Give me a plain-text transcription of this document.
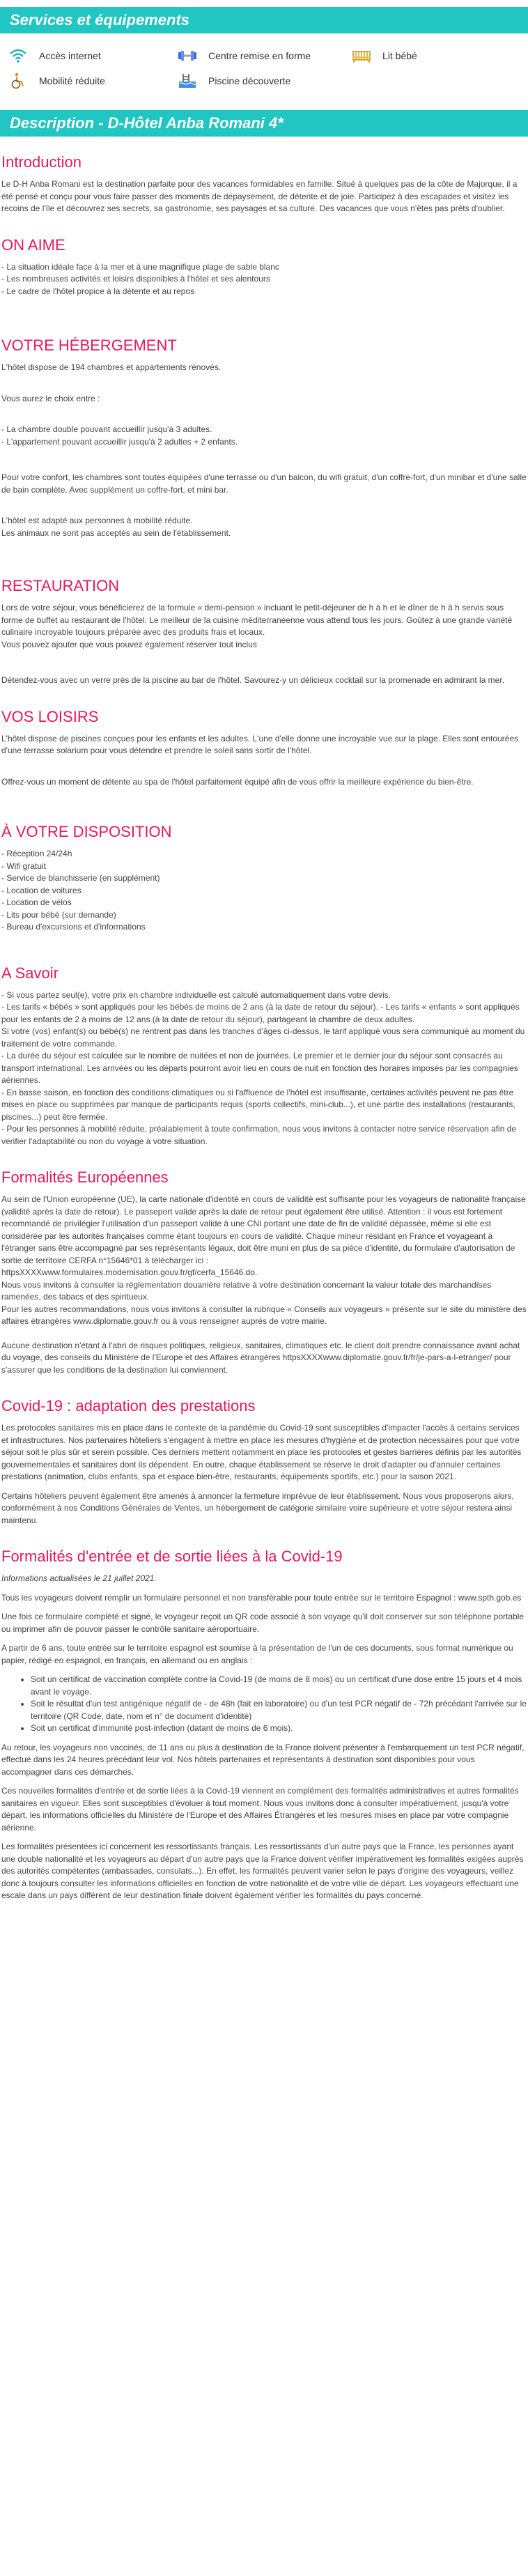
Services et équipements
Accès internet	Centre remise en forme	Lit bébé
Mobilité réduite	Piscine découverte
Description - D-Hôtel Anba Romani 4*
Introduction

Le D-H Anba Romani est la destination parfaite pour des vacances formidables en famille. Situé à quelques pas de la côte de Majorque, il a été pensé et conçu pour vous faire passer des moments de dépaysement, de détente et de joie. Participez à des escapades et visitez les recoins de l'île et découvrez ses secrets, sa gastronomie, ses paysages et sa culture. Des vacances que vous n'êtes pas prêts d'oublier.

ON AIME

- La situation idéale face à la mer et à une magnifique plage de sable blanc

- Les nombreuses activités et loisirs disponibles à l'hôtel et ses alentours

- Le cadre de l'hôtel propice à la détente et au repos

VOTRE HÉBERGEMENT

L'hôtel dispose de 194 chambres et appartements rénovés.

Vous aurez le choix entre :

- La chambre double pouvant accueillir jusqu'à 3 adultes.

- L'appartement pouvant accueillir jusqu'à 2 adultes + 2 enfants.

Pour votre confort, les chambres sont toutes équipées d'une terrasse ou d'un balcon, du wifi gratuit, d'un coffre-fort, d'un minibar et d'une salle de bain complète. Avec supplément un coffre-fort, et mini bar.

L'hôtel est adapté aux personnes à mobilité réduite.

Les animaux ne sont pas acceptés au sein de l'établissement.

RESTAURATION

Lors de votre séjour, vous bénéficierez de la formule « demi-pension » incluant le petit-déjeuner de h à h et le dîner de h à h servis sous forme de buffet au restaurant de l'hôtel. Le meilleur de la cuisine méditerranéenne vous attend tous les jours. Goûtez à une grande variété culinaire incroyable toujours préparée avec des produits frais et locaux.

Vous pouvez ajouter que vous pouvez également réserver tout inclus

Détendez-vous avec un verre près de la piscine au bar de l'hôtel. Savourez-y un délicieux cocktail sur la promenade en admirant la mer.

VOS LOISIRS

L'hôtel dispose de piscines conçues pour les enfants et les adultes. L'une d'elle donne une incroyable vue sur la plage. Elles sont entourées d'une terrasse solarium pour vous détendre et prendre le soleil sans sortir de l'hôtel.

Offrez-vous un moment de détente au spa de l'hôtel parfaitement équipé afin de vous offrir la meilleure expérience du bien-être.

À VOTRE DISPOSITION

- Réception 24/24h

- Wifi gratuit

- Service de blanchisserie (en supplément)

- Location de voitures

- Location de vélos

- Lits pour bébé (sur demande)

- Bureau d'excursions et d'informations

A Savoir

- Si vous partez seul(e), votre prix en chambre individuelle est calculé automatiquement dans votre devis.

- Les tarifs « bébés » sont appliqués pour les bébés de moins de 2 ans (à la date de retour du séjour). - Les tarifs « enfants » sont appliqués pour les enfants de 2 à moins de 12 ans (à la date de retour du séjour), partageant la chambre de deux adultes.

Si votre (vos) enfant(s) ou bébé(s) ne rentrent pas dans les tranches d'âges ci-dessus, le tarif appliqué vous sera communiqué au moment du traitement de votre commande.

- La durée du séjour est calculée sur le nombre de nuitées et non de journées. Le premier et le dernier jour du séjour sont consacrés au transport international. Les arrivées ou les départs pourront avoir lieu en cours de nuit en fonction des horaires imposés par les compagnies aériennes.

- En basse saison, en fonction des conditions climatiques ou si l'affluence de l'hôtel est insuffisante, certaines activités peuvent ne pas être mises en place ou supprimées par manque de participants requis (sports collectifs, mini-club...), et une partie des installations (restaurants, piscines...) peut être fermée.

- Pour les personnes à mobilité réduite, préalablement à toute confirmation, nous vous invitons à contacter notre service réservation afin de vérifier l'adaptabilité ou non du voyage à votre situation.

Formalités Européennes

Au sein de l'Union européenne (UE), la carte nationale d'identité en cours de validité est suffisante pour les voyageurs de nationalité française (validité après la date de retour). Le passeport valide après la date de retour peut également être utilisé. Attention : il vous est fortement recommandé de privilégier l'utilisation d'un passeport valide à une CNI portant une date de fin de validité dépassée, même si elle est considérée par les autorités françaises comme étant toujours en cours de validité. Chaque mineur résidant en France et voyageant à l'étranger sans être accompagné par ses représentants légaux, doit être muni en plus de sa pièce d'identité, du formulaire d'autorisation de sortie de territoire CERFA n°15646*01 à télécharger ici :

httpsXXXXwww.formulaires.modernisation.gouv.fr/gf/cerfa_15646.do.

Nous vous invitons à consulter la réglementation douanière relative à votre destination concernant la valeur totale des marchandises ramenées, des tabacs et des spiritueux.

Pour les autres recommandations, nous vous invitons à consulter la rubrique « Conseils aux voyageurs » présente sur le site du ministère des affaires étrangères www.diplomatie.gouv.fr ou à vous renseigner auprès de votre mairie.

Aucune destination n'étant à l'abri de risques politiques, religieux, sanitaires, climatiques etc. le client doit prendre connaissance avant achat du voyage, des conseils du Ministère de l'Europe et des Affaires étrangères httpsXXXXwww.diplomatie.gouv.fr/fr/je-pars-a-l-etranger/ pour s'assurer que les conditions de la destination lui conviennent.

Covid-19 : adaptation des prestations

Les protocoles sanitaires mis en place dans le contexte de la pandémie du Covid-19 sont susceptibles d'impacter l'accès à certains services et infrastructures. Nos partenaires hôteliers s'engagent à mettre en place les mesures d'hygiène et de protection nécessaires pour que votre séjour soit le plus sûr et serein possible. Ces derniers mettent notamment en place les protocoles et gestes barrières définis par les autorités gouvernementales et sanitaires dont ils dépendent. En outre, chaque établissement se réserve le droit d'adapter ou d'annuler certaines prestations (animation, clubs enfants, spa et espace bien-être, restaurants, équipements sportifs, etc.) pour la saison 2021.

Certains hôteliers peuvent également être amenés à annoncer la fermeture imprévue de leur établissement. Nous vous proposerons alors, conformément à nos Conditions Générales de Ventes, un hébergement de catégorie similaire voire supérieure et votre séjour restera ainsi maintenu.

Formalités d'entrée et de sortie liées à la Covid-19

Informations actualisées le 21 juillet 2021.

Tous les voyageurs doivent remplir un formulaire personnel et non transférable pour toute entrée sur le territoire Espagnol : www.spth.gob.es

Une fois ce formulaire complété et signé, le voyageur reçoit un QR code associé à son voyage qu'il doit conserver sur son téléphone portable ou imprimer afin de pouvoir passer le contrôle sanitaire aéroportuaire.

A partir de 6 ans, toute entrée sur le territoire espagnol est soumise à la présentation de l'un de ces documents, sous format numérique ou papier, rédigé en espagnol, en français, en allemand ou en anglais :

• Soit un certificat de vaccination complète contre la Covid-19 (de moins de 8 mois) ou un certificat d'une dose entre 15 jours et 4 mois avant le voyage.
• Soit le résultat d'un test antigénique négatif de - de 48h (fait en laboratoire) ou d'un test PCR négatif de - 72h précédant l'arrivée sur le territoire (QR Code, date, nom et n° de document d'identité)
• Soit un certificat d'immunité post-infection (datant de moins de 6 mois).

Au retour, les voyageurs non vaccinés, de 11 ans ou plus à destination de la France doivent présenter à l'embarquement un test PCR négatif, effectué dans les 24 heures précédant leur vol. Nos hôtels partenaires et représentants à destination sont disponibles pour vous accompagner dans ces démarches.

Ces nouvelles formalités d'entrée et de sortie liées à la Covid-19 viennent en complément des formalités administratives et autres formalités sanitaires en vigueur. Elles sont susceptibles d'évoluer à tout moment. Nous vous invitons donc à consulter impérativement, jusqu'à votre départ, les informations officielles du Ministère de l'Europe et des Affaires Étrangères et les mesures mises en place par votre compagnie aérienne.

Les formalités présentées ici concernent les ressortissants français. Les ressortissants d'un autre pays que la France, les personnes ayant une double nationalité et les voyageurs au départ d'un autre pays que la France doivent vérifier impérativement les formalités exigées auprès des autorités compétentes (ambassades, consulats...). En effet, les formalités peuvent varier selon le pays d'origine des voyageurs, veillez donc à toujours consulter les informations officielles en fonction de votre nationalité et de votre ville de départ. Les voyageurs effectuant une escale dans un pays différent de leur destination finale doivent également vérifier les formalités du pays concerné.
